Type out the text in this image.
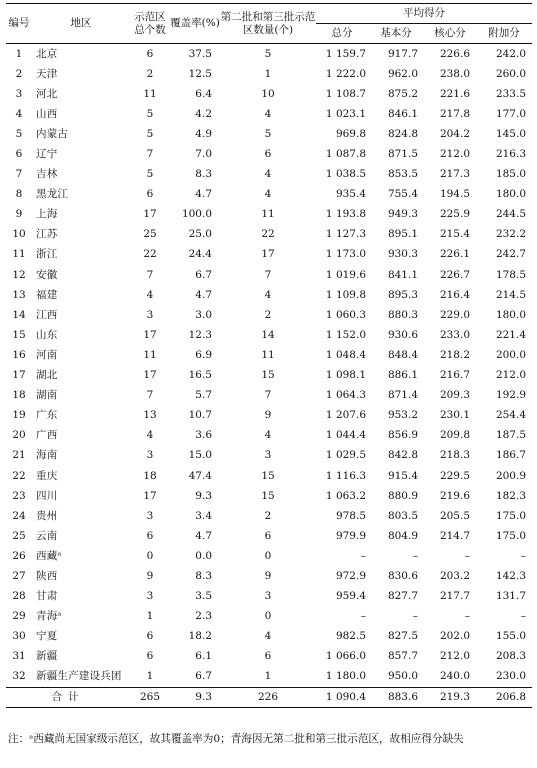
编号	地区	示范区总个数	覆盖率(%)	第二批和第三批示范区数量(个)	平均得分			
					总分	基本分	核心分	附加分
1	北京	6	37.5	5	1 159.7	917.7	226.6	242.0
2	天津	2	12.5	1	1 222.0	962.0	238.0	260.0
3	河北	11	6.4	10	1 108.7	875.2	221.6	233.5
4	山西	5	4.2	4	1 023.1	846.1	217.8	177.0
5	内蒙古	5	4.9	5	969.8	824.8	204.2	145.0
6	辽宁	7	7.0	6	1 087.8	871.5	212.0	216.3
7	吉林	5	8.3	4	1 038.5	853.5	217.3	185.0
8	黑龙江	6	4.7	4	935.4	755.4	194.5	180.0
9	上海	17	100.0	11	1 193.8	949.3	225.9	244.5
10	江苏	25	25.0	22	1 127.3	895.1	215.4	232.2
11	浙江	22	24.4	17	1 173.0	930.3	226.1	242.7
12	安徽	7	6.7	7	1 019.6	841.1	226.7	178.5
13	福建	4	4.7	4	1 109.8	895.3	216.4	214.5
14	江西	3	3.0	2	1 060.3	880.3	229.0	180.0
15	山东	17	12.3	14	1 152.0	930.6	233.0	221.4
16	河南	11	6.9	11	1 048.4	848.4	218.2	200.0
17	湖北	17	16.5	15	1 098.1	886.1	216.7	212.0
18	湖南	7	5.7	7	1 064.3	871.4	209.3	192.9
19	广东	13	10.7	9	1 207.6	953.2	230.1	254.4
20	广西	4	3.6	4	1 044.4	856.9	209.8	187.5
21	海南	3	15.0	3	1 029.5	842.8	218.3	186.7
22	重庆	18	47.4	15	1 116.3	915.4	229.5	200.9
23	四川	17	9.3	15	1 063.2	880.9	219.6	182.3
24	贵州	3	3.4	2	978.5	803.5	205.5	175.0
25	云南	6	4.7	6	979.9	804.9	214.7	175.0
26	西藏ᵃ	0	0.0	0	–	–	–	–
27	陕西	9	8.3	9	972.9	830.6	203.2	142.3
28	甘肃	3	3.5	3	959.4	827.7	217.7	131.7
29	青海ᵃ	1	2.3	0	–	–	–	–
30	宁夏	6	18.2	4	982.5	827.5	202.0	155.0
31	新疆	6	6.1	6	1 066.0	857.7	212.0	208.3
32	新疆生产建设兵团	1	6.7	1	1 180.0	950.0	240.0	230.0
合计		265	9.3	226	1 090.4	883.6	219.3	206.8
注：ᵃ西藏尚无国家级示范区，故其覆盖率为0；青海因无第二批和第三批示范区，故相应得分缺失
